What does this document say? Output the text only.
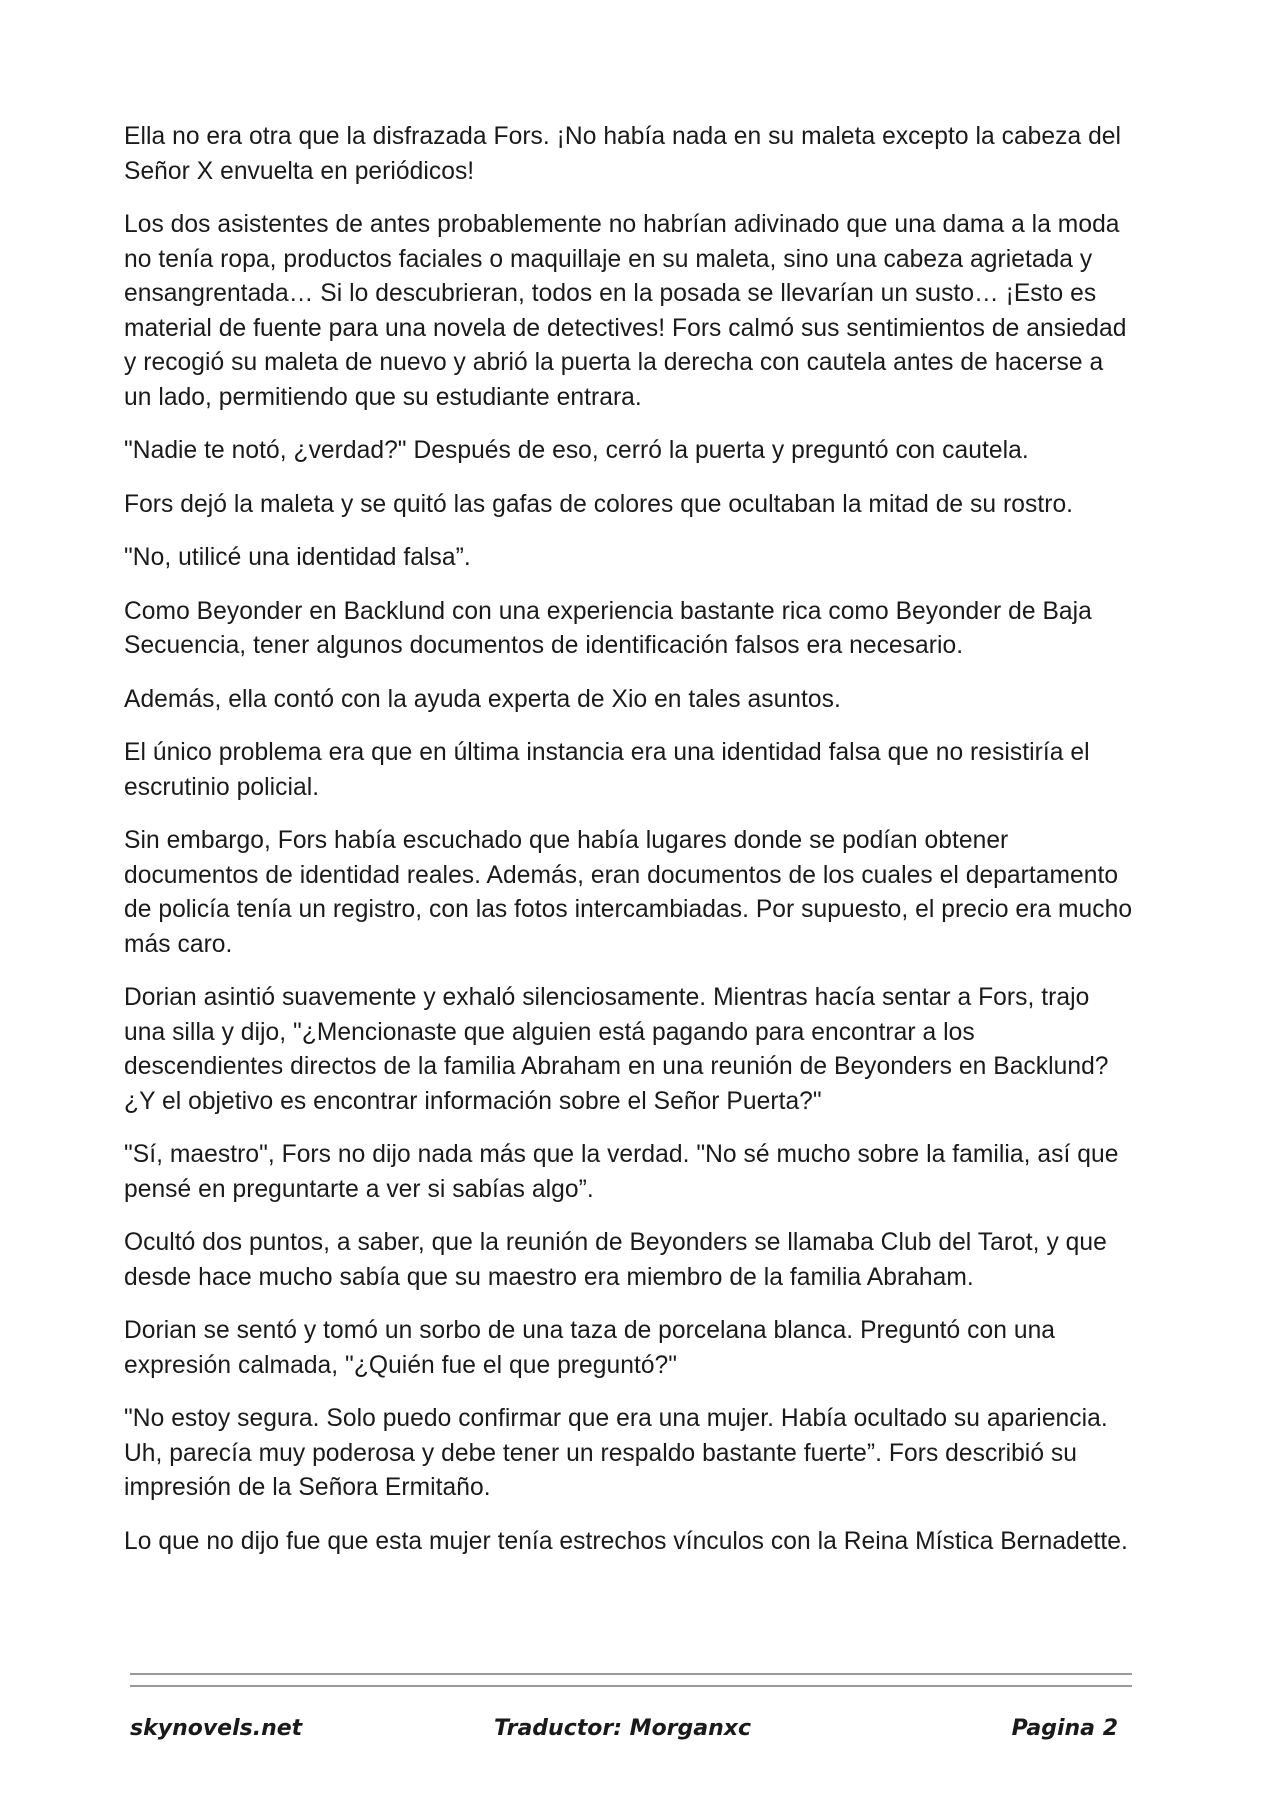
Ella no era otra que la disfrazada Fors. ¡No había nada en su maleta excepto la cabeza del Señor X envuelta en periódicos!

Los dos asistentes de antes probablemente no habrían adivinado que una dama a la moda no tenía ropa, productos faciales o maquillaje en su maleta, sino una cabeza agrietada y ensangrentada… Si lo descubrieran, todos en la posada se llevarían un susto… ¡Esto es material de fuente para una novela de detectives! Fors calmó sus sentimientos de ansiedad y recogió su maleta de nuevo y abrió la puerta la derecha con cautela antes de hacerse a un lado, permitiendo que su estudiante entrara.

"Nadie te notó, ¿verdad?" Después de eso, cerró la puerta y preguntó con cautela.

Fors dejó la maleta y se quitó las gafas de colores que ocultaban la mitad de su rostro.

"No, utilicé una identidad falsa”.

Como Beyonder en Backlund con una experiencia bastante rica como Beyonder de Baja Secuencia, tener algunos documentos de identificación falsos era necesario.

Además, ella contó con la ayuda experta de Xio en tales asuntos.

El único problema era que en última instancia era una identidad falsa que no resistiría el escrutinio policial.

Sin embargo, Fors había escuchado que había lugares donde se podían obtener documentos de identidad reales. Además, eran documentos de los cuales el departamento de policía tenía un registro, con las fotos intercambiadas. Por supuesto, el precio era mucho más caro.

Dorian asintió suavemente y exhaló silenciosamente. Mientras hacía sentar a Fors, trajo una silla y dijo, "¿Mencionaste que alguien está pagando para encontrar a los descendientes directos de la familia Abraham en una reunión de Beyonders en Backlund? ¿Y el objetivo es encontrar información sobre el Señor Puerta?"

"Sí, maestro", Fors no dijo nada más que la verdad. "No sé mucho sobre la familia, así que pensé en preguntarte a ver si sabías algo”.

Ocultó dos puntos, a saber, que la reunión de Beyonders se llamaba Club del Tarot, y que desde hace mucho sabía que su maestro era miembro de la familia Abraham.

Dorian se sentó y tomó un sorbo de una taza de porcelana blanca. Preguntó con una expresión calmada, "¿Quién fue el que preguntó?"

"No estoy segura. Solo puedo confirmar que era una mujer. Había ocultado su apariencia. Uh, parecía muy poderosa y debe tener un respaldo bastante fuerte”. Fors describió su impresión de la Señora Ermitaño.

Lo que no dijo fue que esta mujer tenía estrechos vínculos con la Reina Mística Bernadette.

skynovels.net	Traductor: Morganxc	Pagina 2
